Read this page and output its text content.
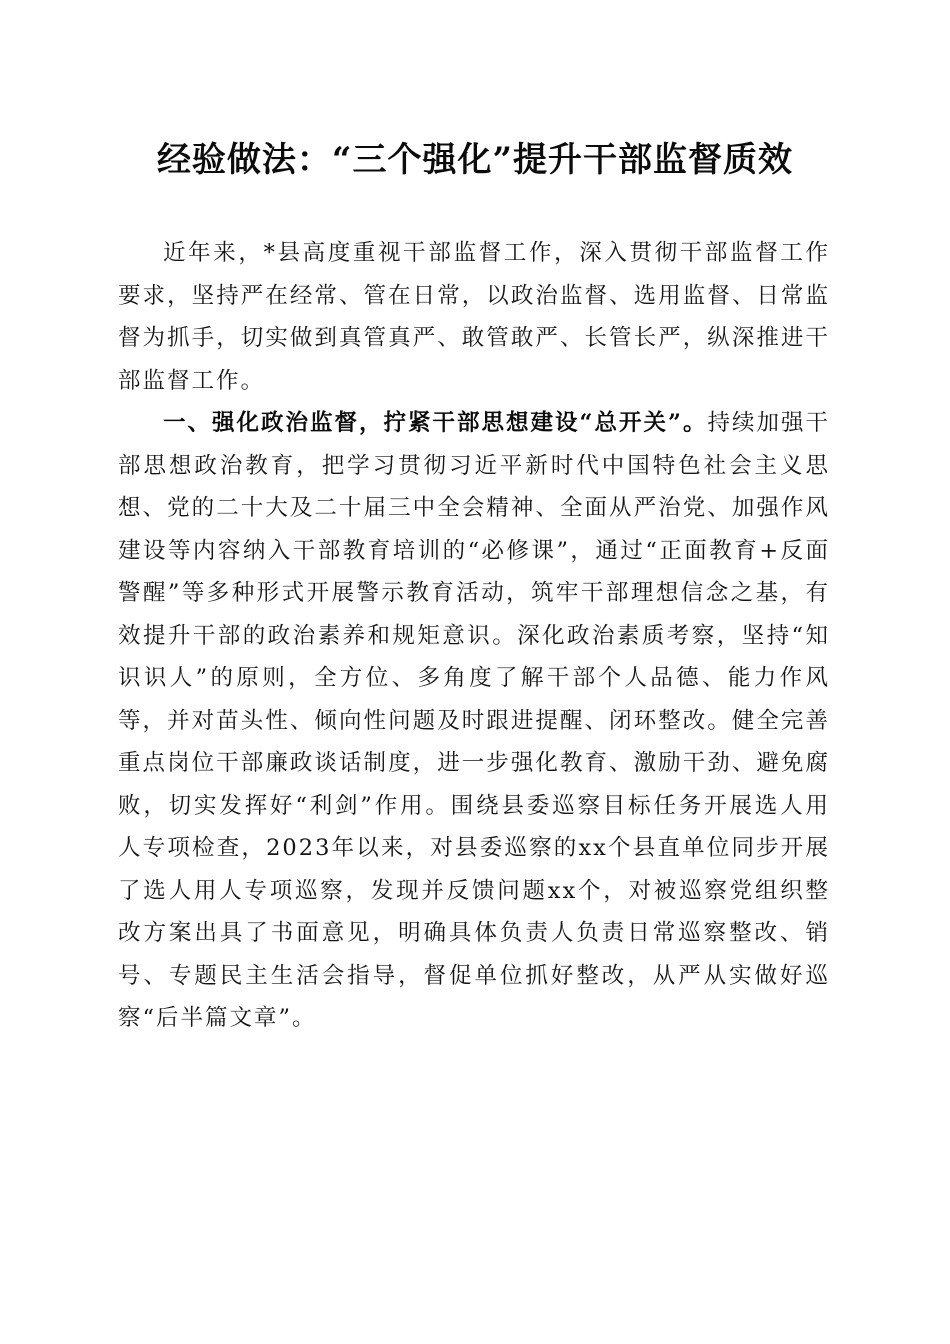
经验做法：“三个强化”提升干部监督质效

近年来，*县高度重视干部监督工作，深入贯彻干部监督工作要求，坚持严在经常、管在日常，以政治监督、选用监督、日常监督为抓手，切实做到真管真严、敢管敢严、长管长严，纵深推进干部监督工作。

一、强化政治监督，拧紧干部思想建设“总开关”。持续加强干部思想政治教育，把学习贯彻习近平新时代中国特色社会主义思想、党的二十大及二十届三中全会精神、全面从严治党、加强作风建设等内容纳入干部教育培训的“必修课”，通过“正面教育+反面警醒”等多种形式开展警示教育活动，筑牢干部理想信念之基，有效提升干部的政治素养和规矩意识。深化政治素质考察，坚持“知识识人”的原则，全方位、多角度了解干部个人品德、能力作风等，并对苗头性、倾向性问题及时跟进提醒、闭环整改。健全完善重点岗位干部廉政谈话制度，进一步强化教育、激励干劲、避免腐败，切实发挥好“利剑”作用。围绕县委巡察目标任务开展选人用人专项检查，2023年以来，对县委巡察的xx个县直单位同步开展了选人用人专项巡察，发现并反馈问题xx个，对被巡察党组织整改方案出具了书面意见，明确具体负责人负责日常巡察整改、销号、专题民主生活会指导，督促单位抓好整改，从严从实做好巡察“后半篇文章”。
